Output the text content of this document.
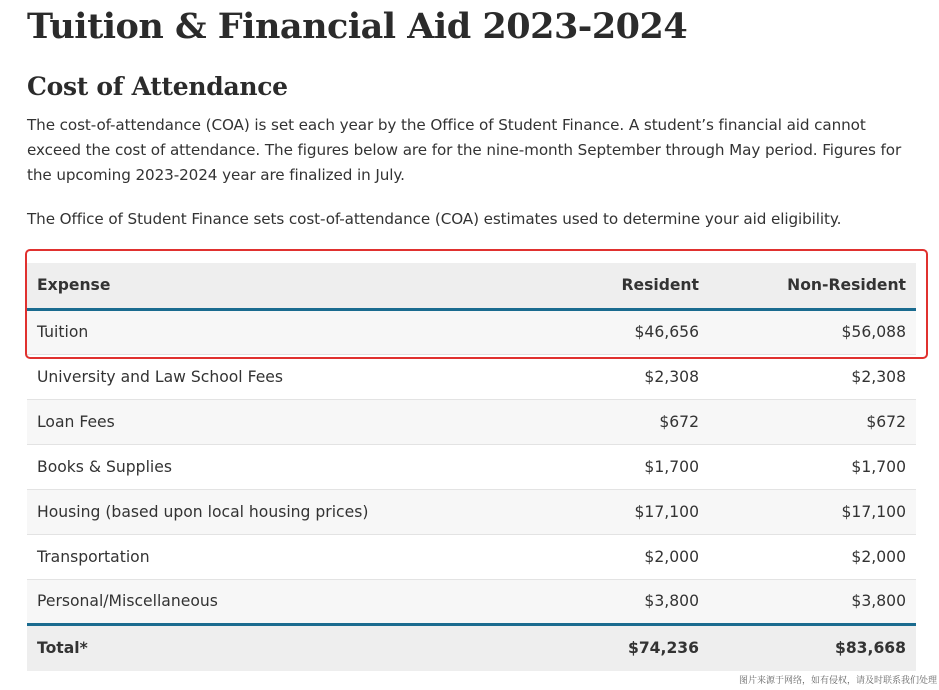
Tuition & Financial Aid 2023-2024
Cost of Attendance

The cost-of-attendance (COA) is set each year by the Office of Student Finance. A student’s financial aid cannot exceed the cost of attendance. The figures below are for the nine-month September through May period. Figures for the upcoming 2023-2024 year are finalized in July.

The Office of Student Finance sets cost-of-attendance (COA) estimates used to determine your aid eligibility.

Expense	Resident	Non-Resident
Tuition	$46,656	$56,088
University and Law School Fees	$2,308	$2,308
Loan Fees	$672	$672
Books & Supplies	$1,700	$1,700
Housing (based upon local housing prices)	$17,100	$17,100
Transportation	$2,000	$2,000
Personal/Miscellaneous	$3,800	$3,800
Total*	$74,236	$83,668
图片来源于网络，如有侵权，请及时联系我们处理
